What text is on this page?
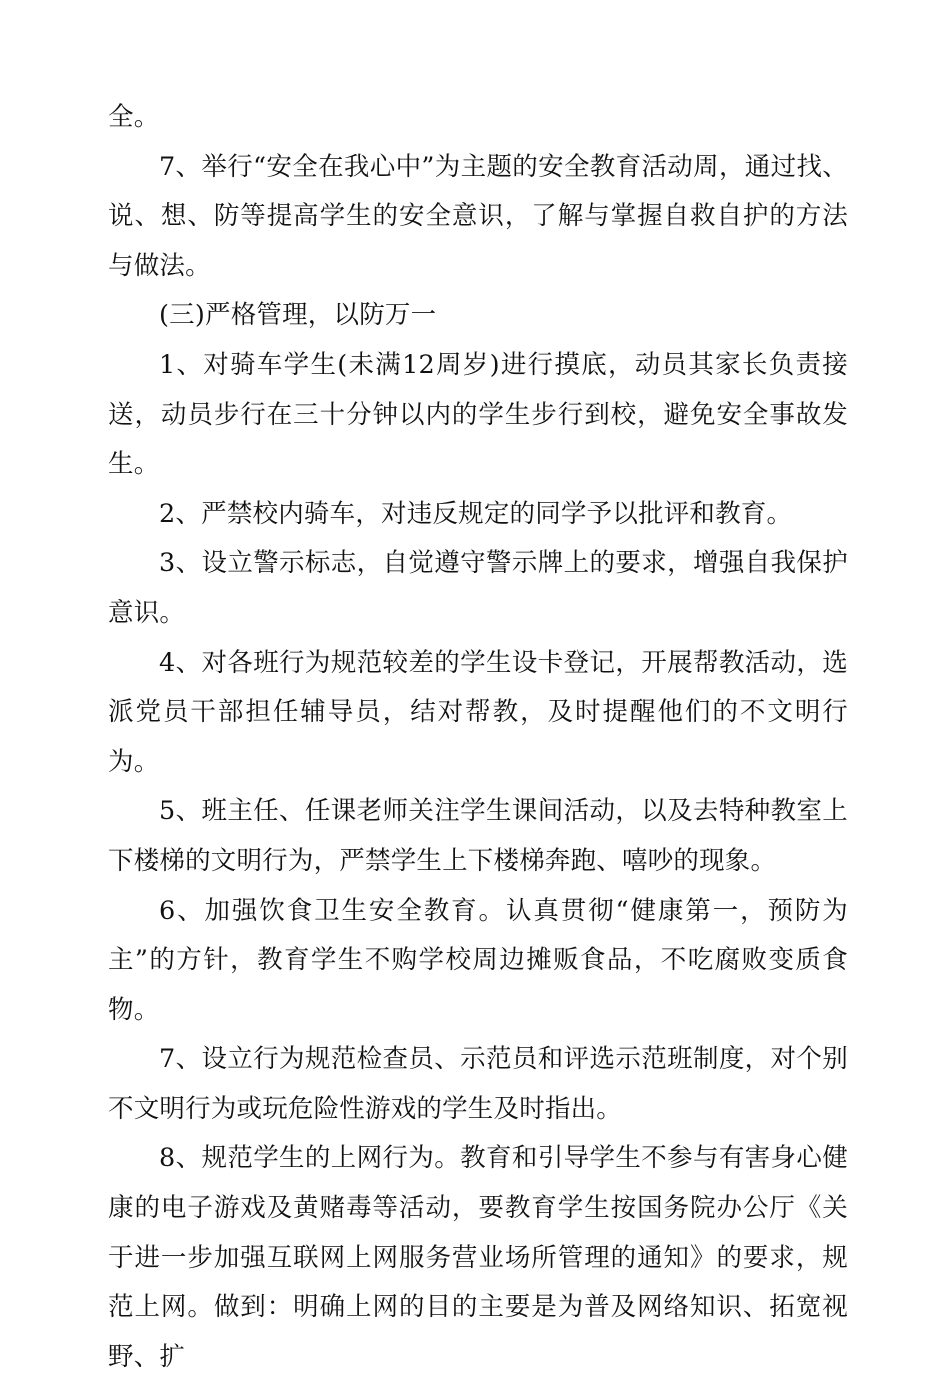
全。

7、举行“安全在我心中”为主题的安全教育活动周，通过找、说、想、防等提高学生的安全意识，了解与掌握自救自护的方法与做法。

(三)严格管理，以防万一

1、对骑车学生(未满12周岁)进行摸底，动员其家长负责接送，动员步行在三十分钟以内的学生步行到校，避免安全事故发生。

2、严禁校内骑车，对违反规定的同学予以批评和教育。

3、设立警示标志，自觉遵守警示牌上的要求，增强自我保护意识。

4、对各班行为规范较差的学生设卡登记，开展帮教活动，选派党员干部担任辅导员，结对帮教，及时提醒他们的不文明行为。

5、班主任、任课老师关注学生课间活动，以及去特种教室上下楼梯的文明行为，严禁学生上下楼梯奔跑、嘻吵的现象。

6、加强饮食卫生安全教育。认真贯彻“健康第一，预防为主”的方针，教育学生不购学校周边摊贩食品，不吃腐败变质食物。

7、设立行为规范检查员、示范员和评选示范班制度，对个别不文明行为或玩危险性游戏的学生及时指出。

8、规范学生的上网行为。教育和引导学生不参与有害身心健康的电子游戏及黄赌毒等活动，要教育学生按国务院办公厅《关于进一步加强互联网上网服务营业场所管理的通知》的要求，规范上网。做到：明确上网的目的主要是为普及网络知识、拓宽视野、扩
